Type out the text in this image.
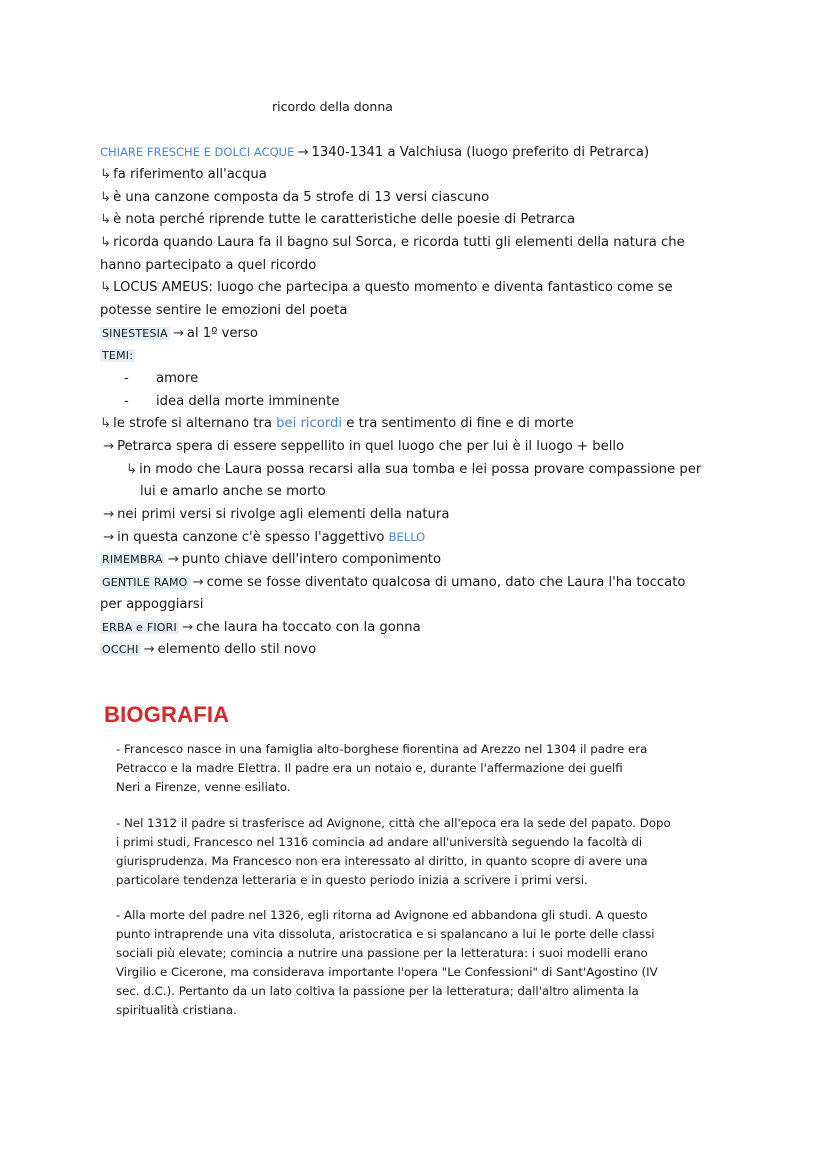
ricordo della donna
CHIARE FRESCHE E DOLCI ACQUE → 1340-1341 a Valchiusa (luogo preferito di Petrarca)
↳ fa riferimento all'acqua
↳ è una canzone composta da 5 strofe di 13 versi ciascuno
↳ è nota perché riprende tutte le caratteristiche delle poesie di Petrarca
↳ ricorda quando Laura fa il bagno sul Sorca, e ricorda tutti gli elementi della natura che
hanno partecipato a quel ricordo
↳ LOCUS AMEUS: luogo che partecipa a questo momento e diventa fantastico come se
potesse sentire le emozioni del poeta
SINESTESIA → al 1º verso
TEMI:
- amore
- idea della morte imminente
↳ le strofe si alternano tra bei ricordi e tra sentimento di fine e di morte
→ Petrarca spera di essere seppellito in quel luogo che per lui è il luogo + bello
↳ in modo che Laura possa recarsi alla sua tomba e lei possa provare compassione per
lui e amarlo anche se morto
→ nei primi versi si rivolge agli elementi della natura
→ in questa canzone c'è spesso l'aggettivo BELLO
RIMEMBRA → punto chiave dell'intero componimento
GENTILE RAMO → come se fosse diventato qualcosa di umano, dato che Laura l'ha toccato
per appoggiarsi
ERBA e FIORI → che laura ha toccato con la gonna
OCCHI → elemento dello stil novo
BIOGRAFIA
- Francesco nasce in una famiglia alto-borghese fiorentina ad Arezzo nel 1304 il padre era
Petracco e la madre Elettra. Il padre era un notaio e, durante l'affermazione dei guelfi
Neri a Firenze, venne esiliato.
- Nel 1312 il padre si trasferisce ad Avignone, città che all'epoca era la sede del papato. Dopo
i primi studi, Francesco nel 1316 comincia ad andare all'università seguendo la facoltà di
giurisprudenza. Ma Francesco non era interessato al diritto, in quanto scopre di avere una
particolare tendenza letteraria e in questo periodo inizia a scrivere i primi versi.
- Alla morte del padre nel 1326, egli ritorna ad Avignone ed abbandona gli studi. A questo
punto intraprende una vita dissoluta, aristocratica e si spalancano a lui le porte delle classi
sociali più elevate; comincia a nutrire una passione per la letteratura: i suoi modelli erano
Virgilio e Cicerone, ma considerava importante l'opera "Le Confessioni" di Sant'Agostino (IV
sec. d.C.). Pertanto da un lato coltiva la passione per la letteratura; dall'altro alimenta la
spiritualità cristiana.
